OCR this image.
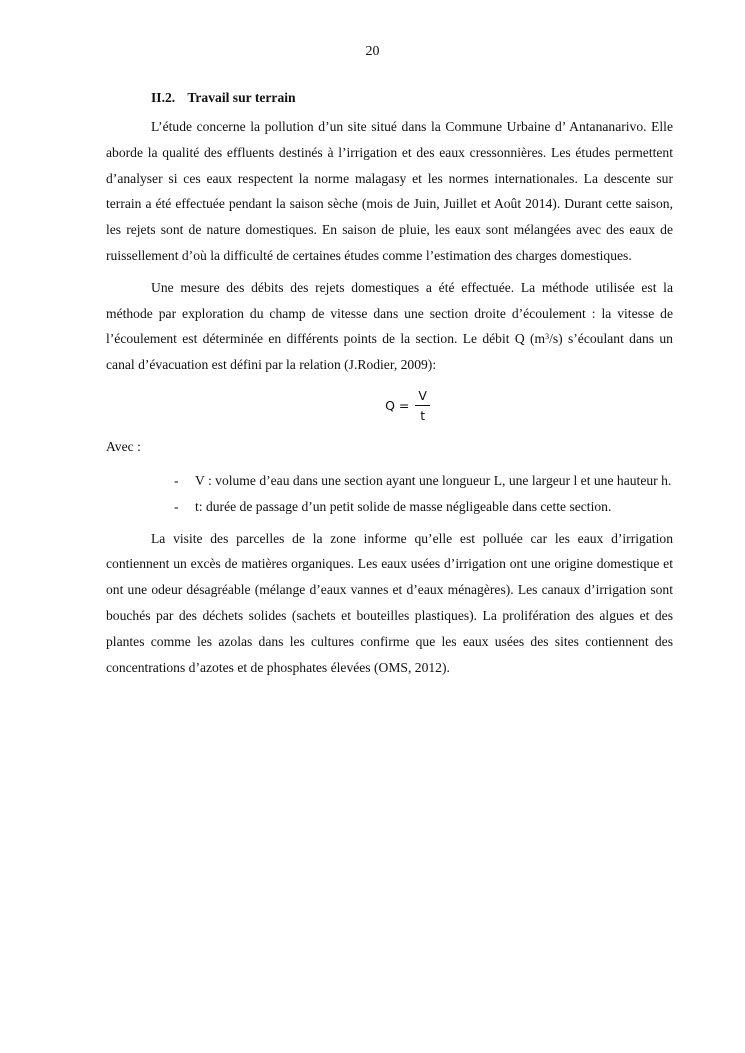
20
II.2. Travail sur terrain

L’étude concerne la pollution d’un site situé dans la Commune Urbaine d’ Antananarivo. Elle aborde la qualité des effluents destinés à l’irrigation et des eaux cressonnières. Les études permettent d’analyser si ces eaux respectent la norme malagasy et les normes internationales. La descente sur terrain a été effectuée pendant la saison sèche (mois de Juin, Juillet et Août 2014). Durant cette saison, les rejets sont de nature domestiques. En saison de pluie, les eaux sont mélangées avec des eaux de ruissellement d’où la difficulté de certaines études comme l’estimation des charges domestiques.

Une mesure des débits des rejets domestiques a été effectuée. La méthode utilisée est la méthode par exploration du champ de vitesse dans une section droite d’écoulement : la vitesse de l’écoulement est déterminée en différents points de la section. Le débit Q $(m^3/s)$ s’écoulant dans un canal d’évacuation est défini par la relation (J.Rodier, 2009):

$Q = \frac{V}{t}$
Avec :
- V : volume d’eau dans une section ayant une longueur L, une largeur l et une hauteur h.
- t: durée de passage d’un petit solide de masse négligeable dans cette section.

La visite des parcelles de la zone informe qu’elle est polluée car les eaux d’irrigation contiennent un excès de matières organiques. Les eaux usées d’irrigation ont une origine domestique et ont une odeur désagréable (mélange d’eaux vannes et d’eaux ménagères). Les canaux d’irrigation sont bouchés par des déchets solides (sachets et bouteilles plastiques). La prolifération des algues et des plantes comme les azolas dans les cultures confirme que les eaux usées des sites contiennent des concentrations d’azotes et de phosphates élevées (OMS, 2012).
